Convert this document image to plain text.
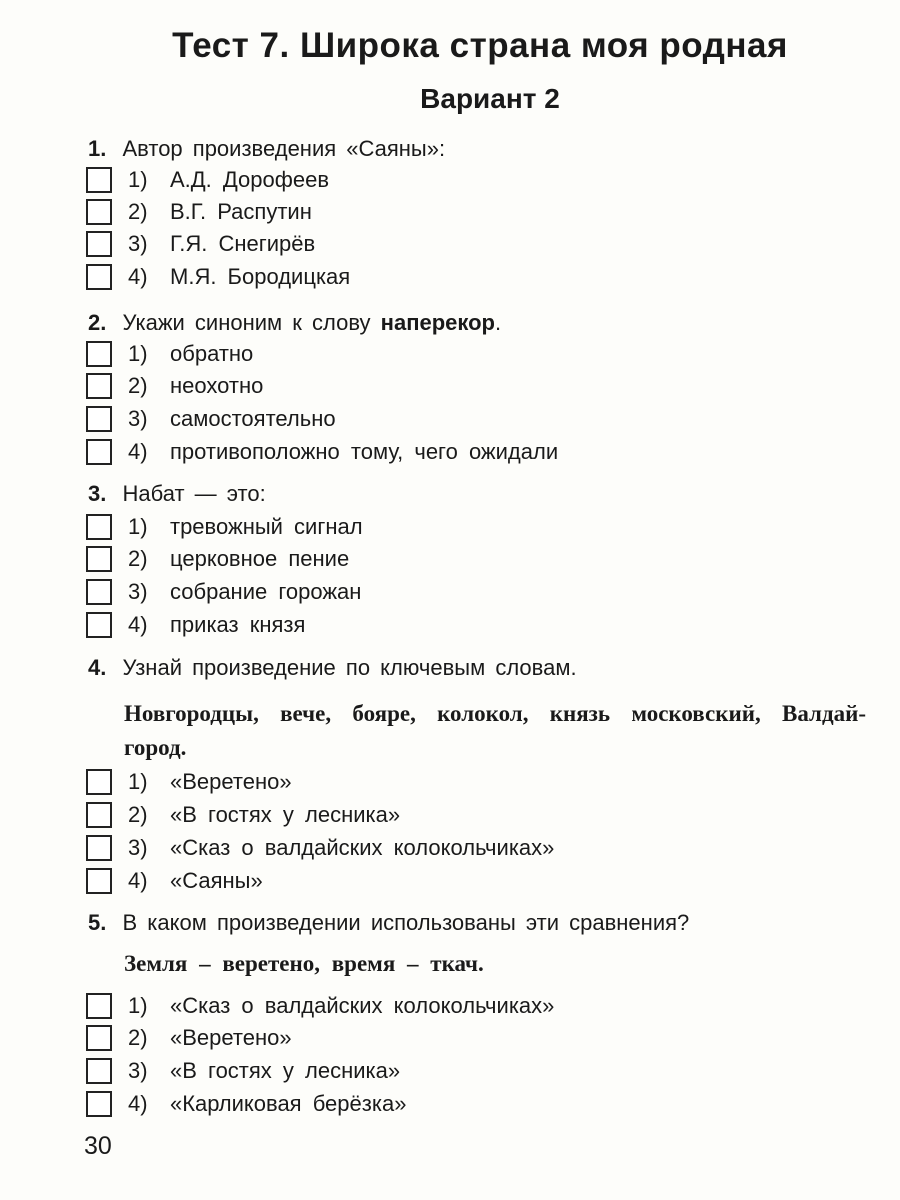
Тест 7. Широка страна моя родная
Вариант 2
1. Автор произведения «Саяны»:
1)	А.Д. Дорофеев
2)	В.Г. Распутин
3)	Г.Я. Снегирёв
4)	М.Я. Бородицкая
2. Укажи синоним к слову наперекор.
1)	обратно
2)	неохотно
3)	самостоятельно
4)	противоположно тому, чего ожидали
3. Набат — это:
1)	тревожный сигнал
2)	церковное пение
3)	собрание горожан
4)	приказ князя
4. Узнай произведение по ключевым словам.
Новгородцы, вече, бояре, колокол, князь московский, Валдай-город.
1)	«Веретено»
2)	«В гостях у лесника»
3)	«Сказ о валдайских колокольчиках»
4)	«Саяны»
5. В каком произведении использованы эти сравнения?
Земля – веретено, время – ткач.
1)	«Сказ о валдайских колокольчиках»
2)	«Веретено»
3)	«В гостях у лесника»
4)	«Карликовая берёзка»
30
